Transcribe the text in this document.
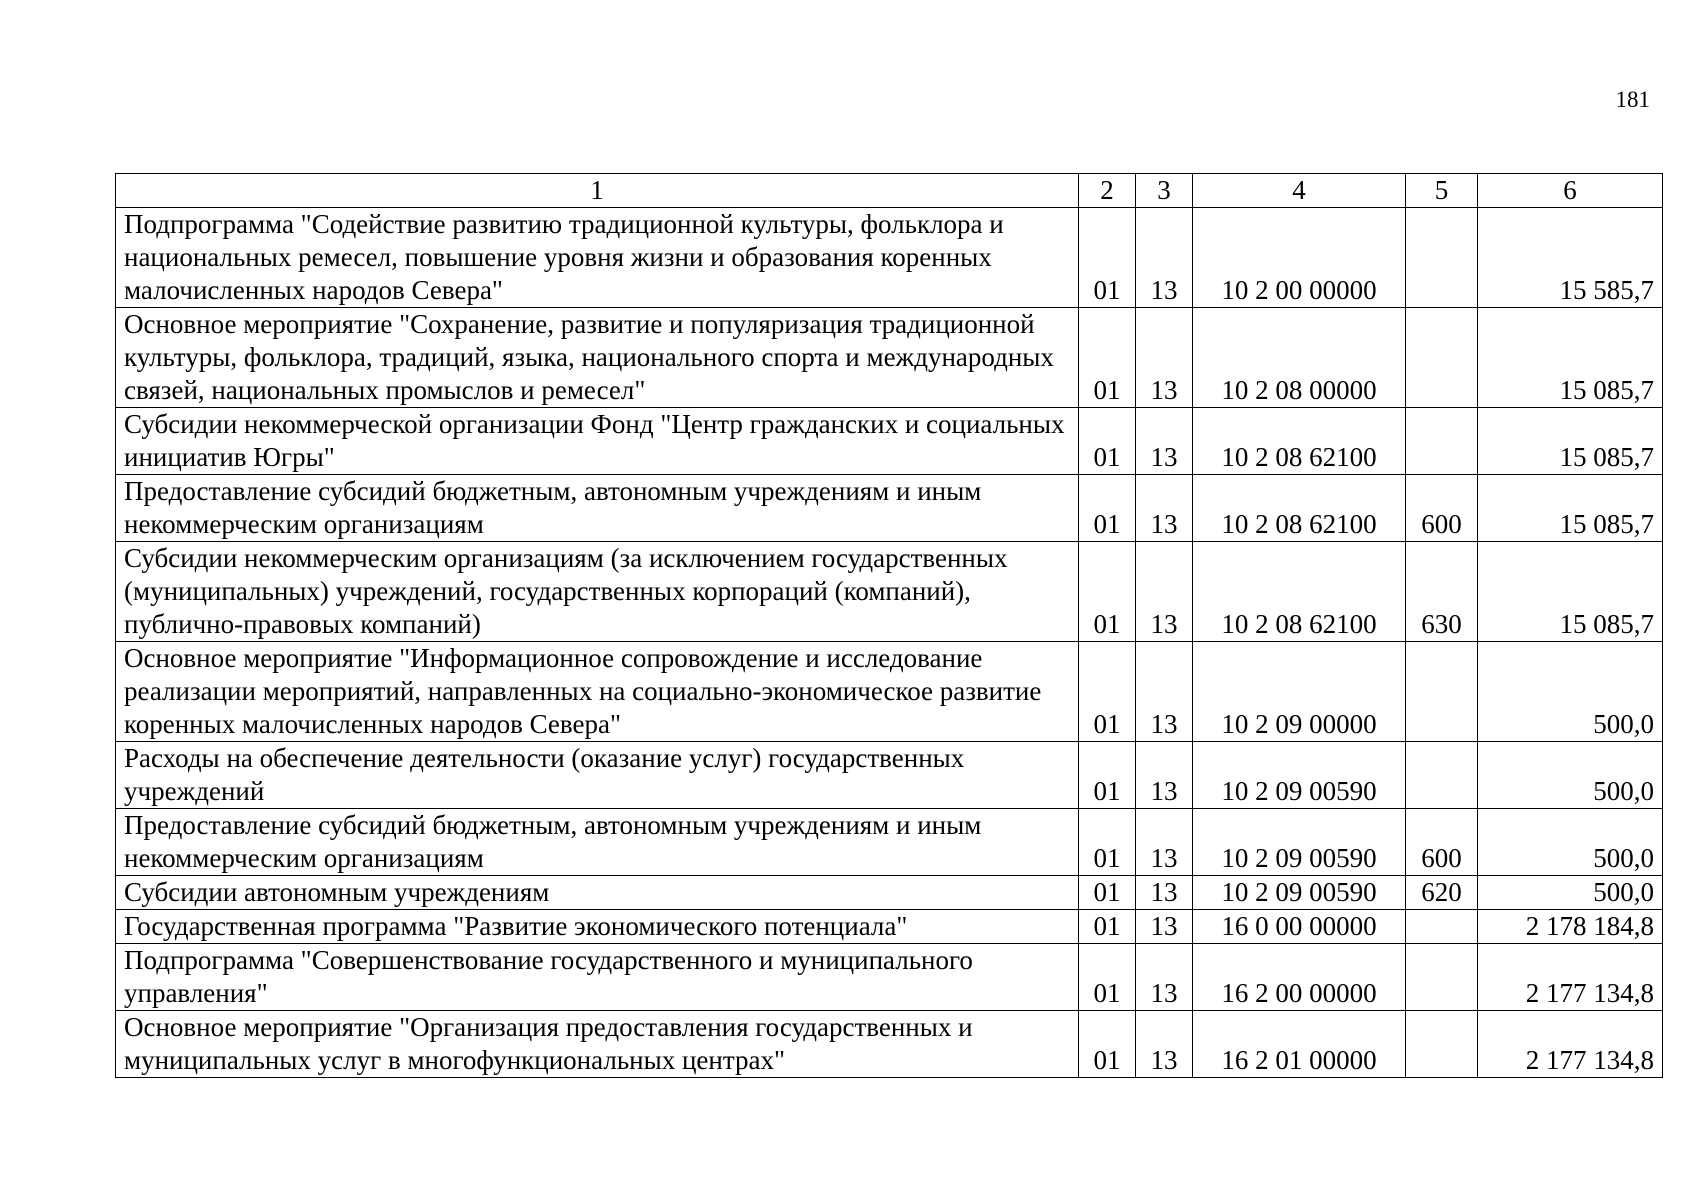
181
1	2	3	4	5	6
Подпрограмма "Содействие развитию традиционной культуры, фольклора и национальных ремесел, повышение уровня жизни и образования коренных малочисленных народов Севера"	01	13	10 2 00 00000		15 585,7
Основное мероприятие "Сохранение, развитие и популяризация традиционной культуры, фольклора, традиций, языка, национального спорта и международных связей, национальных промыслов и ремесел"	01	13	10 2 08 00000		15 085,7
Субсидии некоммерческой организации Фонд "Центр гражданских и социальных инициатив Югры"	01	13	10 2 08 62100		15 085,7
Предоставление субсидий бюджетным, автономным учреждениям и иным некоммерческим организациям	01	13	10 2 08 62100	600	15 085,7
Субсидии некоммерческим организациям (за исключением государственных (муниципальных) учреждений, государственных корпораций (компаний), публично-правовых компаний)	01	13	10 2 08 62100	630	15 085,7
Основное мероприятие "Информационное сопровождение и исследование реализации мероприятий, направленных на социально-экономическое развитие коренных малочисленных народов Севера"	01	13	10 2 09 00000		500,0
Расходы на обеспечение деятельности (оказание услуг) государственных учреждений	01	13	10 2 09 00590		500,0
Предоставление субсидий бюджетным, автономным учреждениям и иным некоммерческим организациям	01	13	10 2 09 00590	600	500,0
Субсидии автономным учреждениям	01	13	10 2 09 00590	620	500,0
Государственная программа "Развитие экономического потенциала"	01	13	16 0 00 00000		2 178 184,8
Подпрограмма "Совершенствование государственного и муниципального управления"	01	13	16 2 00 00000		2 177 134,8
Основное мероприятие "Организация предоставления государственных и муниципальных услуг в многофункциональных центрах"	01	13	16 2 01 00000		2 177 134,8
